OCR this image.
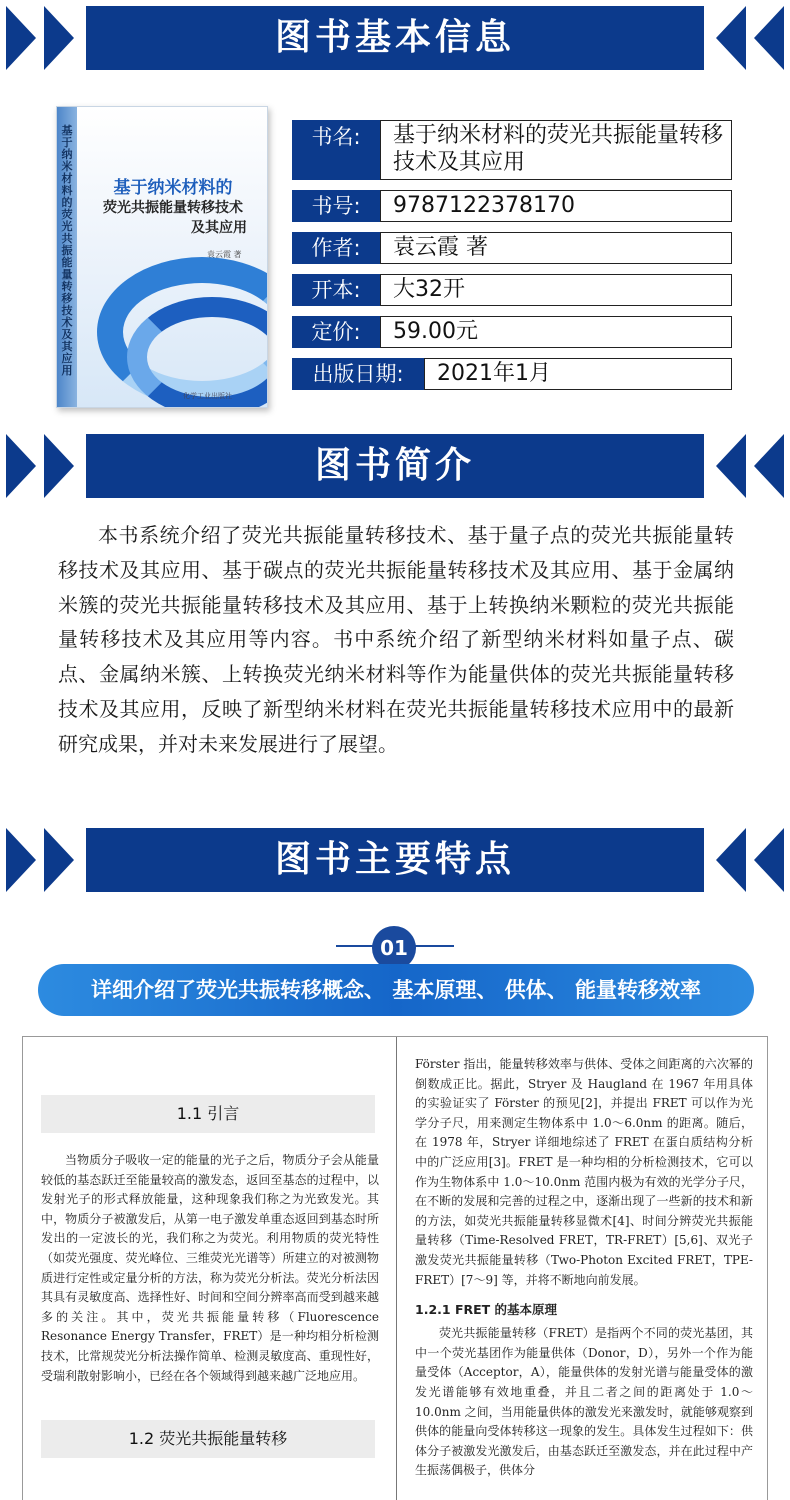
图书基本信息
基于纳米材料的荧光共振能量转移技术及其应用
基于纳米材料的
荧光共振能量转移技术
及其应用
袁云霞 著
化学工业出版社
书名:	基于纳米材料的荧光共振能量转移技术及其应用
书号:	9787122378170
作者:	袁云霞 著
开本:	大32开
定价:	59.00元
出版日期:	2021年1月
图书简介
本书系统介绍了荧光共振能量转移技术、基于量子点的荧光共振能量转移技术及其应用、基于碳点的荧光共振能量转移技术及其应用、基于金属纳米簇的荧光共振能量转移技术及其应用、基于上转换纳米颗粒的荧光共振能量转移技术及其应用等内容。书中系统介绍了新型纳米材料如量子点、碳点、金属纳米簇、上转换荧光纳米材料等作为能量供体的荧光共振能量转移技术及其应用，反映了新型纳米材料在荧光共振能量转移技术应用中的最新研究成果，并对未来发展进行了展望。
图书主要特点
01
详细介绍了荧光共振转移概念、 基本原理、 供体、 能量转移效率
1.1 引言

当物质分子吸收一定的能量的光子之后，物质分子会从能量较低的基态跃迁至能量较高的激发态，返回至基态的过程中，以发射光子的形式释放能量，这种现象我们称之为光致发光。其中，物质分子被激发后，从第一电子激发单重态返回到基态时所发出的一定波长的光，我们称之为荧光。利用物质的荧光特性（如荧光强度、荧光峰位、三维荧光光谱等）所建立的对被测物质进行定性或定量分析的方法，称为荧光分析法。荧光分析法因其具有灵敏度高、选择性好、时间和空间分辨率高而受到越来越多的关注。其中，荧光共振能量转移（Fluorescence Resonance Energy Transfer，FRET）是一种均相分析检测技术，比常规荧光分析法操作简单、检测灵敏度高、重现性好，受瑞利散射影响小，已经在各个领域得到越来越广泛地应用。

1.2 荧光共振能量转移

Förster 指出，能量转移效率与供体、受体之间距离的六次幂的倒数成正比。据此，Stryer 及 Haugland 在 1967 年用具体的实验证实了 Förster 的预见[2]，并提出 FRET 可以作为光学分子尺，用来测定生物体系中 1.0～6.0nm 的距离。随后，在 1978 年，Stryer 详细地综述了 FRET 在蛋白质结构分析中的广泛应用[3]。FRET 是一种均相的分析检测技术，它可以作为生物体系中 1.0～10.0nm 范围内极为有效的光学分子尺，在不断的发展和完善的过程之中，逐渐出现了一些新的技术和新的方法，如荧光共振能量转移显微术[4]、时间分辨荧光共振能量转移（Time-Resolved FRET，TR-FRET）[5,6]、双光子激发荧光共振能量转移（Two-Photon Excited FRET，TPE-FRET）[7～9] 等，并将不断地向前发展。

1.2.1 FRET 的基本原理

荧光共振能量转移（FRET）是指两个不同的荧光基团，其中一个荧光基团作为能量供体（Donor，D），另外一个作为能量受体（Acceptor，A），能量供体的发射光谱与能量受体的激发光谱能够有效地重叠，并且二者之间的距离处于 1.0～10.0nm 之间，当用能量供体的激发光来激发时，就能够观察到供体的能量向受体转移这一现象的发生。具体发生过程如下：供体分子被激发光激发后，由基态跃迁至激发态，并在此过程中产生振荡偶极子，供体分
